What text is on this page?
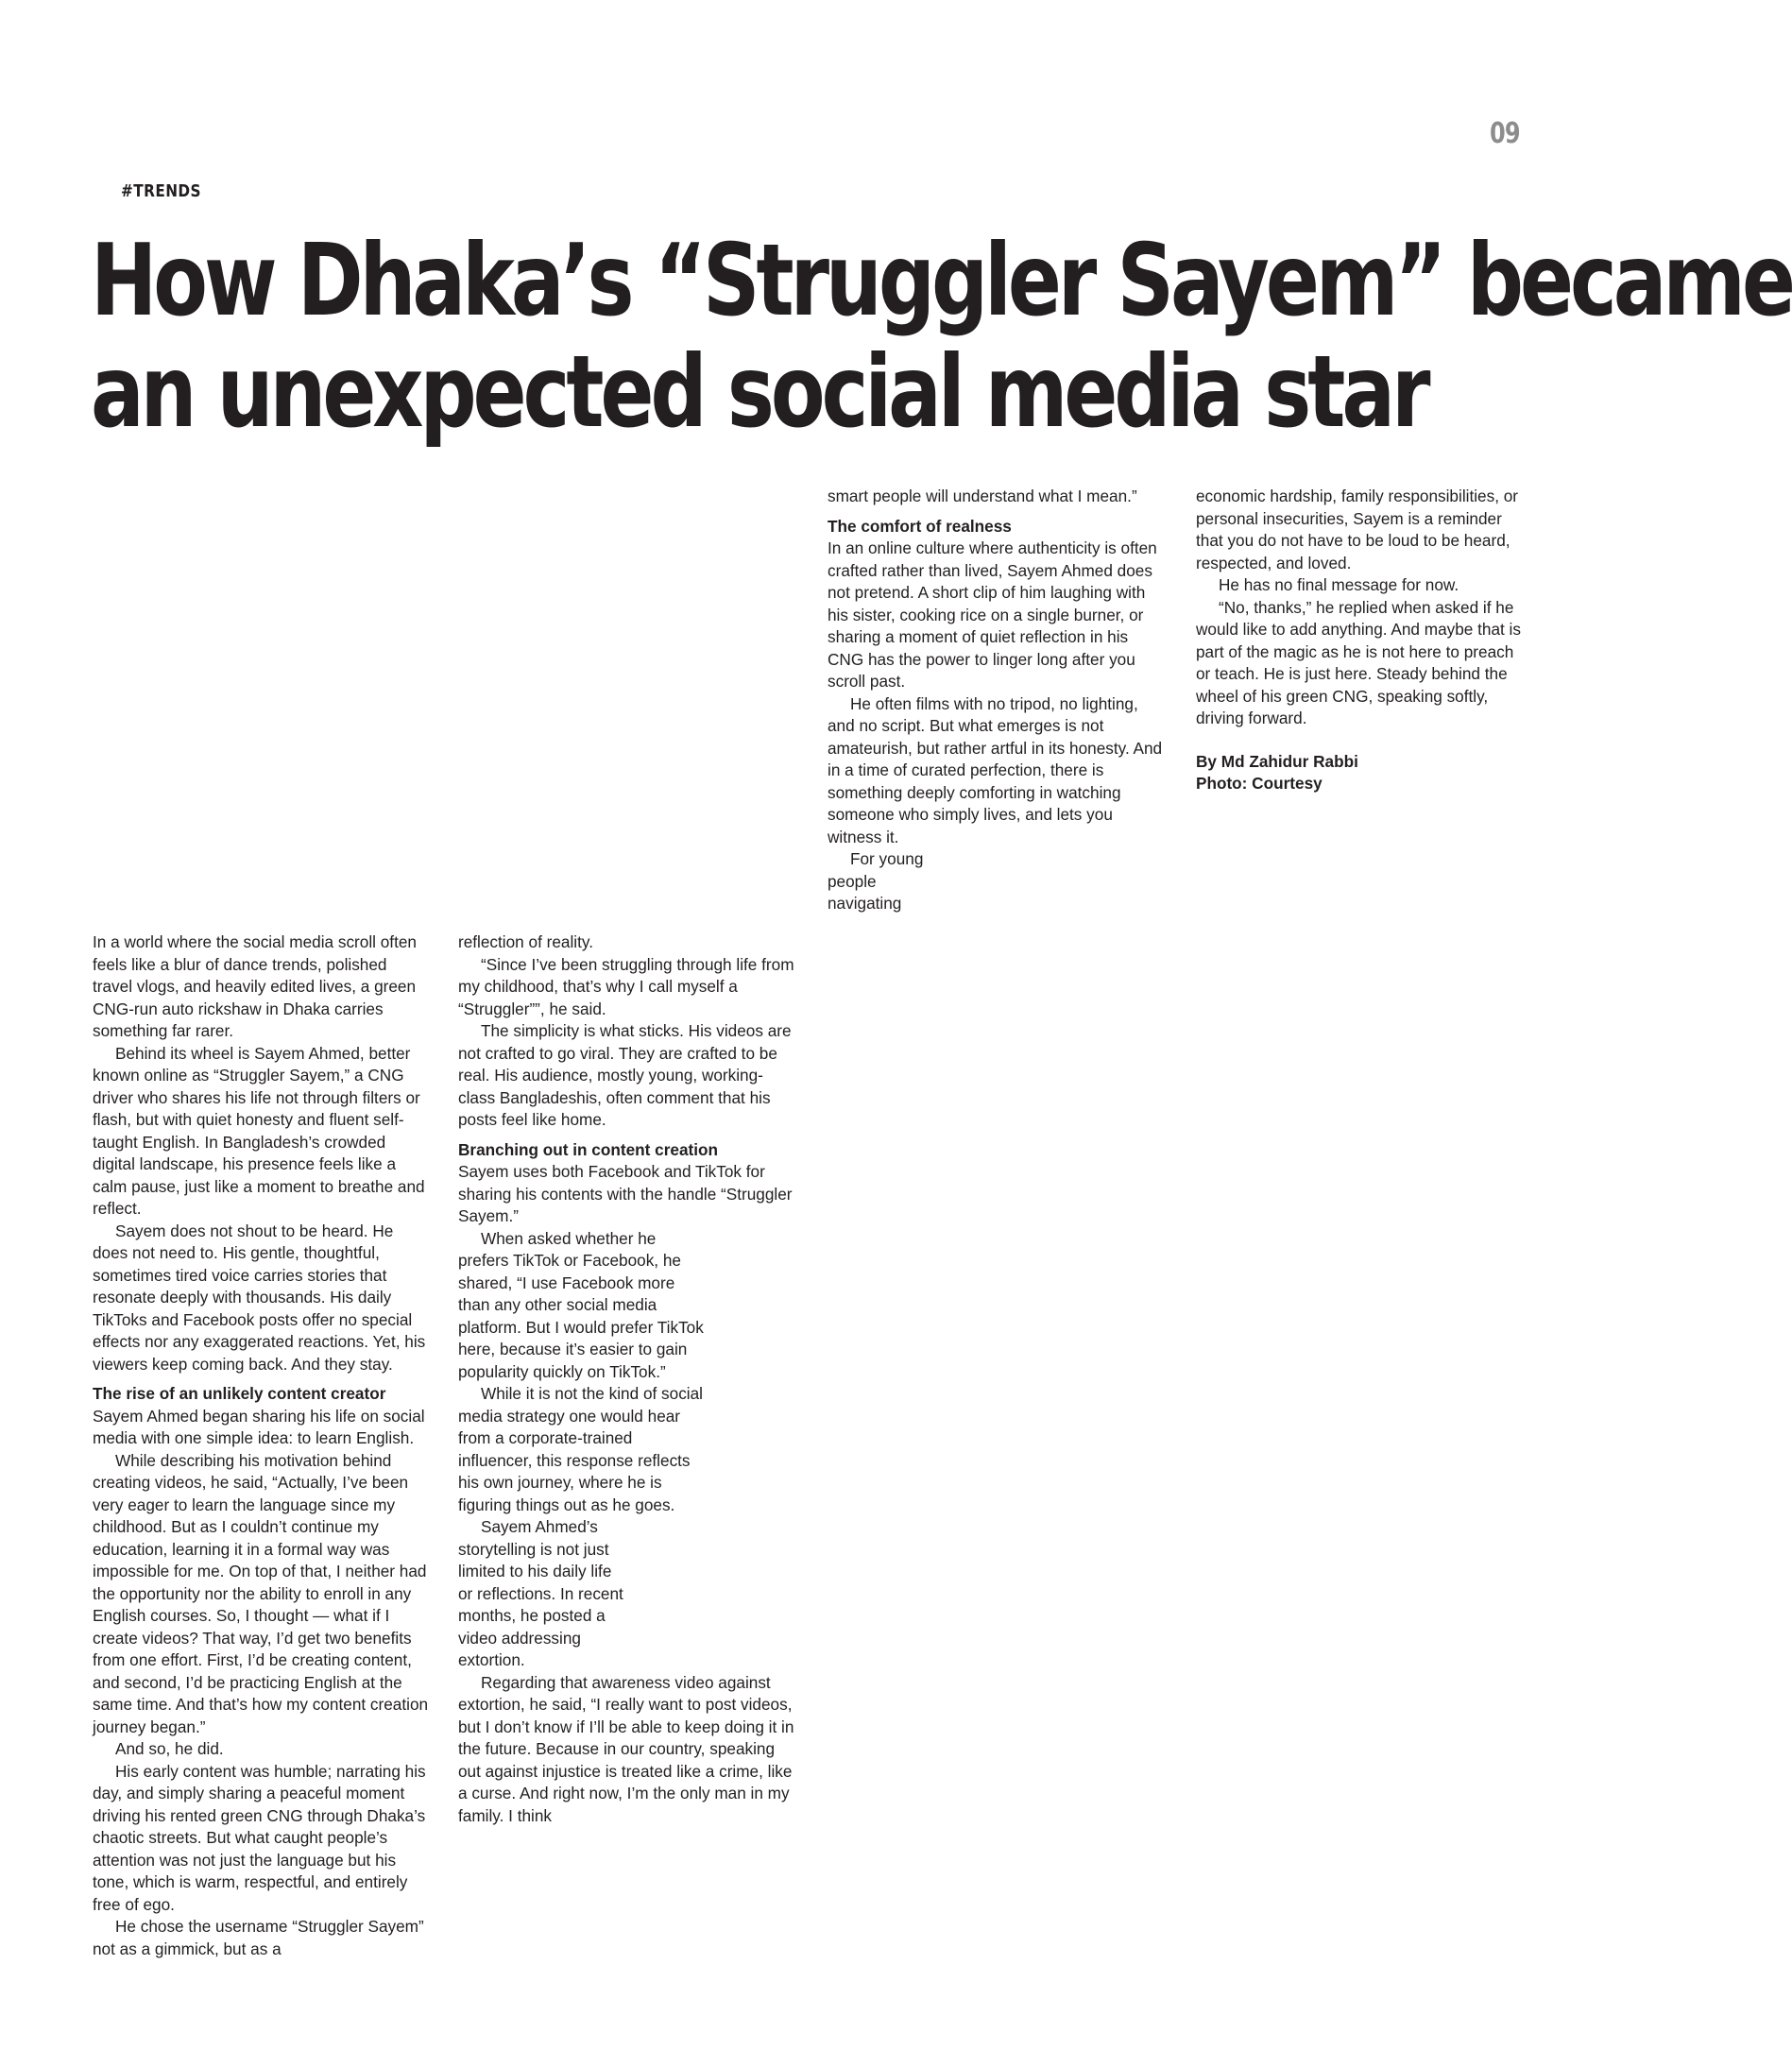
09
#TRENDS
How Dhaka’s “Struggler Sayem” became
an unexpected social media star

In a world where the social media scroll often feels like a blur of dance trends, polished travel vlogs, and heavily edited lives, a green CNG-run auto rickshaw in Dhaka carries something far rarer.

Behind its wheel is Sayem Ahmed, better known online as “Struggler Sayem,” a CNG driver who shares his life not through filters or flash, but with quiet honesty and fluent self-taught English. In Bangladesh’s crowded digital landscape, his presence feels like a calm pause, just like a moment to breathe and reflect.

Sayem does not shout to be heard. He does not need to. His gentle, thoughtful, sometimes tired voice carries stories that resonate deeply with thousands. His daily TikToks and Facebook posts offer no special effects nor any exaggerated reactions. Yet, his viewers keep coming back. And they stay.

The rise of an unlikely content creator

Sayem Ahmed began sharing his life on social media with one simple idea: to learn English.

While describing his motivation behind creating videos, he said, “Actually, I’ve been very eager to learn the language since my childhood. But as I couldn’t continue my education, learning it in a formal way was impossible for me. On top of that, I neither had the opportunity nor the ability to enroll in any English courses. So, I thought — what if I create videos? That way, I’d get two benefits from one effort. First, I’d be creating content, and second, I’d be practicing English at the same time. And that’s how my content creation journey began.”

And so, he did.

His early content was humble; narrating his day, and simply sharing a peaceful moment driving his rented green CNG through Dhaka’s chaotic streets. But what caught people’s attention was not just the language but his tone, which is warm, respectful, and entirely free of ego.

He chose the username “Struggler Sayem” not as a gimmick, but as a

reflection of reality.

“Since I’ve been struggling through life from my childhood, that’s why I call myself a “Struggler””, he said.

The simplicity is what sticks. His videos are not crafted to go viral. They are crafted to be real. His audience, mostly young, working-class Bangladeshis, often comment that his posts feel like home.

Branching out in content creation

Sayem uses both Facebook and TikTok for sharing his contents with the handle “Struggler Sayem.”

When asked whether he prefers TikTok or Facebook, he shared, “I use Facebook more than any other social media platform. But I would prefer TikTok here, because it’s easier to gain popularity quickly on TikTok.”

While it is not the kind of social media strategy one would hear from a corporate-trained influencer, this response reflects his own journey, where he is figuring things out as he goes.

Sayem Ahmed’s storytelling is not just limited to his daily life or reflections. In recent months, he posted a video addressing extortion.

Regarding that awareness video against extortion, he said, “I really want to post videos, but I don’t know if I’ll be able to keep doing it in the future. Because in our country, speaking out against injustice is treated like a crime, like a curse. And right now, I’m the only man in my family. I think

smart people will understand what I mean.”

The comfort of realness

In an online culture where authenticity is often crafted rather than lived, Sayem Ahmed does not pretend. A short clip of him laughing with his sister, cooking rice on a single burner, or sharing a moment of quiet reflection in his CNG has the power to linger long after you scroll past.

He often films with no tripod, no lighting, and no script. But what emerges is not amateurish, but rather artful in its honesty. And in a time of curated perfection, there is something deeply comforting in watching someone who simply lives, and lets you witness it.

For young people navigating

economic hardship, family responsibilities, or personal insecurities, Sayem is a reminder that you do not have to be loud to be heard, respected, and loved.

He has no final message for now.

“No, thanks,” he replied when asked if he would like to add anything. And maybe that is part of the magic as he is not here to preach or teach. He is just here. Steady behind the wheel of his green CNG, speaking softly, driving forward.

By Md Zahidur Rabbi
Photo: Courtesy
